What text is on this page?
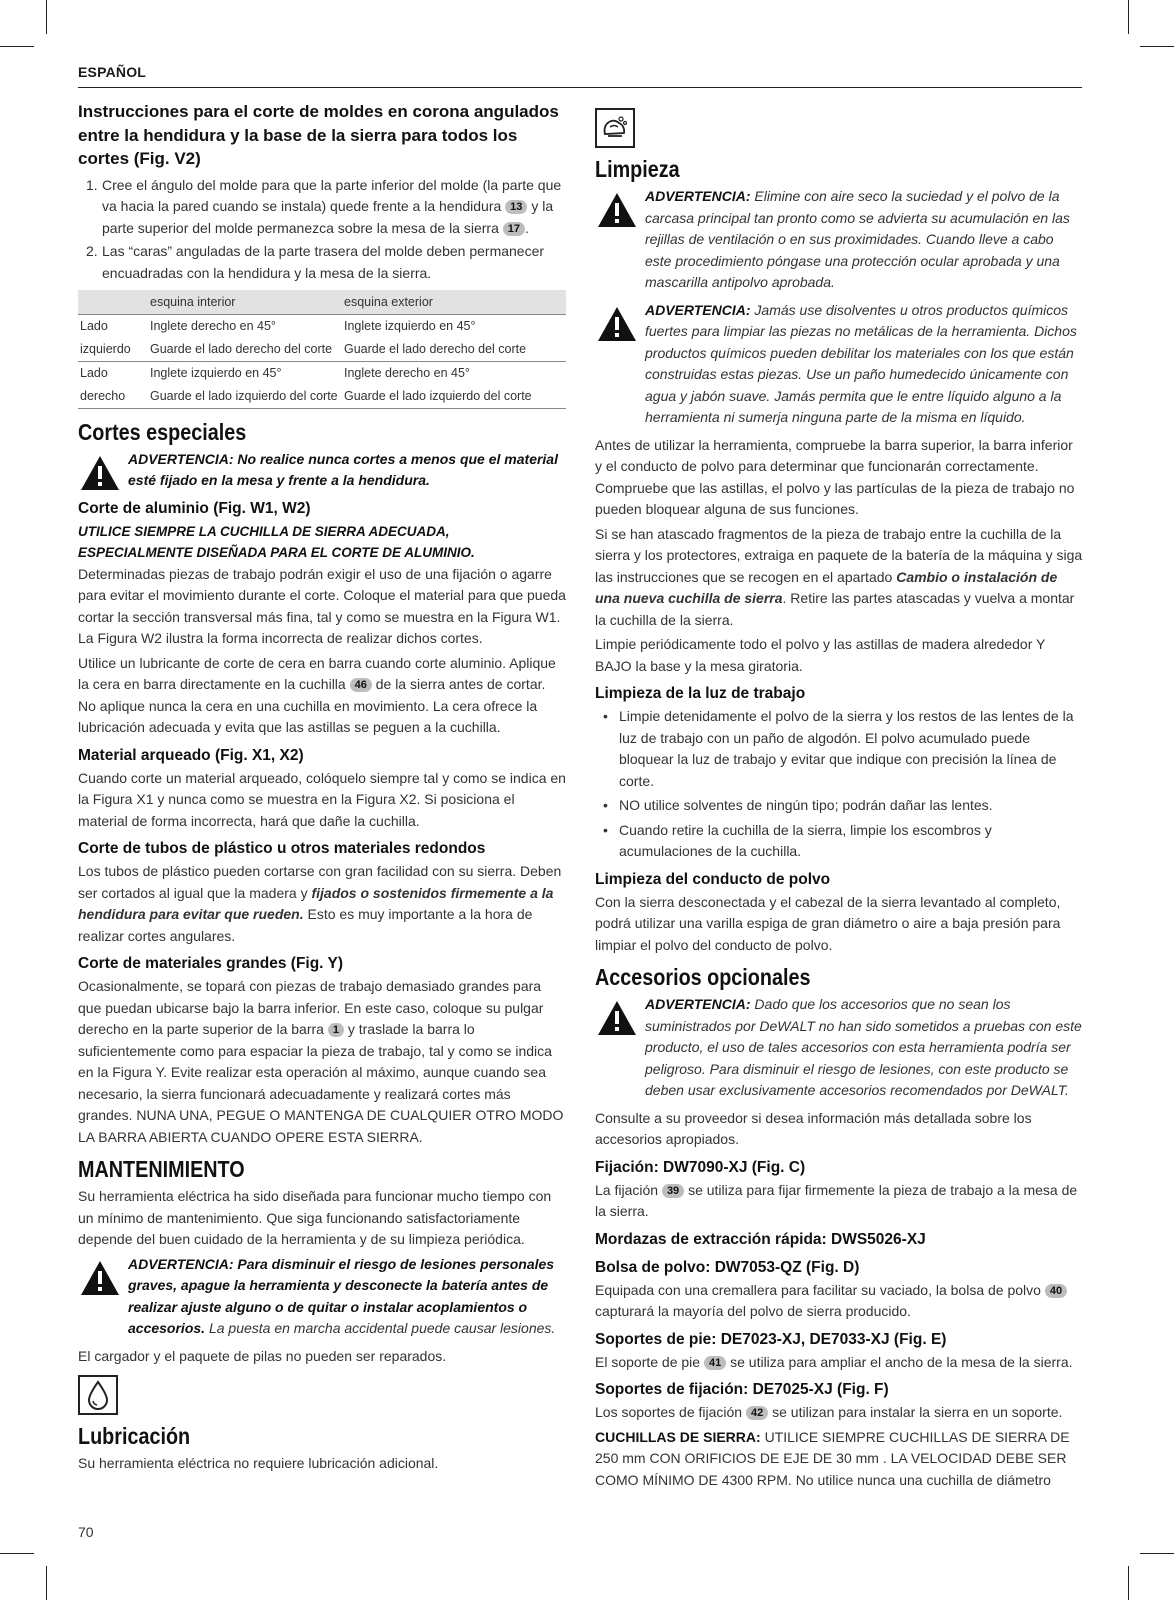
ESPAÑOL
Instrucciones para el corte de moldes en corona angulados entre la hendidura y la base de la sierra para todos los cortes (Fig. V2)
1. Cree el ángulo del molde para que la parte inferior del molde (la parte que va hacia la pared cuando se instala) quede frente a la hendidura 13 y la parte superior del molde permanezca sobre la mesa de la sierra 17 .
2. Las “caras” anguladas de la parte trasera del molde deben permanecer encuadradas con la hendidura y la mesa de la sierra.
	esquina interior	esquina exterior
Lado	Inglete derecho en 45°	Inglete izquierdo en 45°
izquierdo	Guarde el lado derecho del corte	Guarde el lado derecho del corte
Lado	Inglete izquierdo en 45°	Inglete derecho en 45°
derecho	Guarde el lado izquierdo del corte	Guarde el lado izquierdo del corte
Cortes especiales
ADVERTENCIA: No realice nunca cortes a menos que el material esté fijado en la mesa y frente a la hendidura.
Corte de aluminio (Fig. W1, W2)
UTILICE SIEMPRE LA CUCHILLA DE SIERRA ADECUADA, ESPECIALMENTE DISEÑADA PARA EL CORTE DE ALUMINIO.
Determinadas piezas de trabajo podrán exigir el uso de una fijación o agarre para evitar el movimiento durante el corte. Coloque el material para que pueda cortar la sección transversal más fina, tal y como se muestra en la Figura W1. La Figura W2 ilustra la forma incorrecta de realizar dichos cortes.
Utilice un lubricante de corte de cera en barra cuando corte aluminio. Aplique la cera en barra directamente en la cuchilla 46 de la sierra antes de cortar. No aplique nunca la cera en una cuchilla en movimiento. La cera ofrece la lubricación adecuada y evita que las astillas se peguen a la cuchilla.
Material arqueado (Fig. X1, X2)
Cuando corte un material arqueado, colóquelo siempre tal y como se indica en la Figura X1 y nunca como se muestra en la Figura X2. Si posiciona el material de forma incorrecta, hará que dañe la cuchilla.
Corte de tubos de plástico u otros materiales redondos
Los tubos de plástico pueden cortarse con gran facilidad con su sierra. Deben ser cortados al igual que la madera y fijados o sostenidos firmemente a la hendidura para evitar que rueden. Esto es muy importante a la hora de realizar cortes angulares.
Corte de materiales grandes (Fig. Y)
Ocasionalmente, se topará con piezas de trabajo demasiado grandes para que puedan ubicarse bajo la barra inferior. En este caso, coloque su pulgar derecho en la parte superior de la barra 1 y traslade la barra lo suficientemente como para espaciar la pieza de trabajo, tal y como se indica en la Figura Y. Evite realizar esta operación al máximo, aunque cuando sea necesario, la sierra funcionará adecuadamente y realizará cortes más grandes. NUNA UNA, PEGUE O MANTENGA DE CUALQUIER OTRO MODO LA BARRA ABIERTA CUANDO OPERE ESTA SIERRA.
MANTENIMIENTO
Su herramienta eléctrica ha sido diseñada para funcionar mucho tiempo con un mínimo de mantenimiento. Que siga funcionando satisfactoriamente depende del buen cuidado de la herramienta y de su limpieza periódica.
ADVERTENCIA: Para disminuir el riesgo de lesiones personales graves, apague la herramienta y desconecte la batería antes de realizar ajuste alguno o de quitar o instalar acoplamientos o accesorios. La puesta en marcha accidental puede causar lesiones.
El cargador y el paquete de pilas no pueden ser reparados.
Lubricación
Su herramienta eléctrica no requiere lubricación adicional.
Limpieza
ADVERTENCIA: Elimine con aire seco la suciedad y el polvo de la carcasa principal tan pronto como se advierta su acumulación en las rejillas de ventilación o en sus proximidades. Cuando lleve a cabo este procedimiento póngase una protección ocular aprobada y una mascarilla antipolvo aprobada.
ADVERTENCIA: Jamás use disolventes u otros productos químicos fuertes para limpiar las piezas no metálicas de la herramienta. Dichos productos químicos pueden debilitar los materiales con los que están construidas estas piezas. Use un paño humedecido únicamente con agua y jabón suave. Jamás permita que le entre líquido alguno a la herramienta ni sumerja ninguna parte de la misma en líquido.
Antes de utilizar la herramienta, compruebe la barra superior, la barra inferior y el conducto de polvo para determinar que funcionarán correctamente. Compruebe que las astillas, el polvo y las partículas de la pieza de trabajo no pueden bloquear alguna de sus funciones.
Si se han atascado fragmentos de la pieza de trabajo entre la cuchilla de la sierra y los protectores, extraiga en paquete de la batería de la máquina y siga las instrucciones que se recogen en el apartado Cambio o instalación de una nueva cuchilla de sierra. Retire las partes atascadas y vuelva a montar la cuchilla de la sierra.
Limpie periódicamente todo el polvo y las astillas de madera alrededor Y BAJO la base y la mesa giratoria.
Limpieza de la luz de trabajo
• Limpie detenidamente el polvo de la sierra y los restos de las lentes de la luz de trabajo con un paño de algodón. El polvo acumulado puede bloquear la luz de trabajo y evitar que indique con precisión la línea de corte.
• NO utilice solventes de ningún tipo; podrán dañar las lentes.
• Cuando retire la cuchilla de la sierra, limpie los escombros y acumulaciones de la cuchilla.
Limpieza del conducto de polvo
Con la sierra desconectada y el cabezal de la sierra levantado al completo, podrá utilizar una varilla espiga de gran diámetro o aire a baja presión para limpiar el polvo del conducto de polvo.
Accesorios opcionales
ADVERTENCIA: Dado que los accesorios que no sean los suministrados por DeWALT no han sido sometidos a pruebas con este producto, el uso de tales accesorios con esta herramienta podría ser peligroso. Para disminuir el riesgo de lesiones, con este producto se deben usar exclusivamente accesorios recomendados por DeWALT.
Consulte a su proveedor si desea información más detallada sobre los accesorios apropiados.
Fijación: DW7090-XJ (Fig. C)
La fijación 39 se utiliza para fijar firmemente la pieza de trabajo a la mesa de la sierra.
Mordazas de extracción rápida: DWS5026-XJ
Bolsa de polvo: DW7053-QZ (Fig. D)
Equipada con una cremallera para facilitar su vaciado, la bolsa de polvo 40 capturará la mayoría del polvo de sierra producido.
Soportes de pie: DE7023-XJ, DE7033-XJ (Fig. E)
El soporte de pie 41 se utiliza para ampliar el ancho de la mesa de la sierra.
Soportes de fijación: DE7025-XJ (Fig. F)
Los soportes de fijación 42 se utilizan para instalar la sierra en un soporte.
CUCHILLAS DE SIERRA: UTILICE SIEMPRE CUCHILLAS DE SIERRA DE 250 mm CON ORIFICIOS DE EJE DE 30 mm . LA VELOCIDAD DEBE SER COMO MÍNIMO DE 4300 RPM. No utilice nunca una cuchilla de diámetro
70
